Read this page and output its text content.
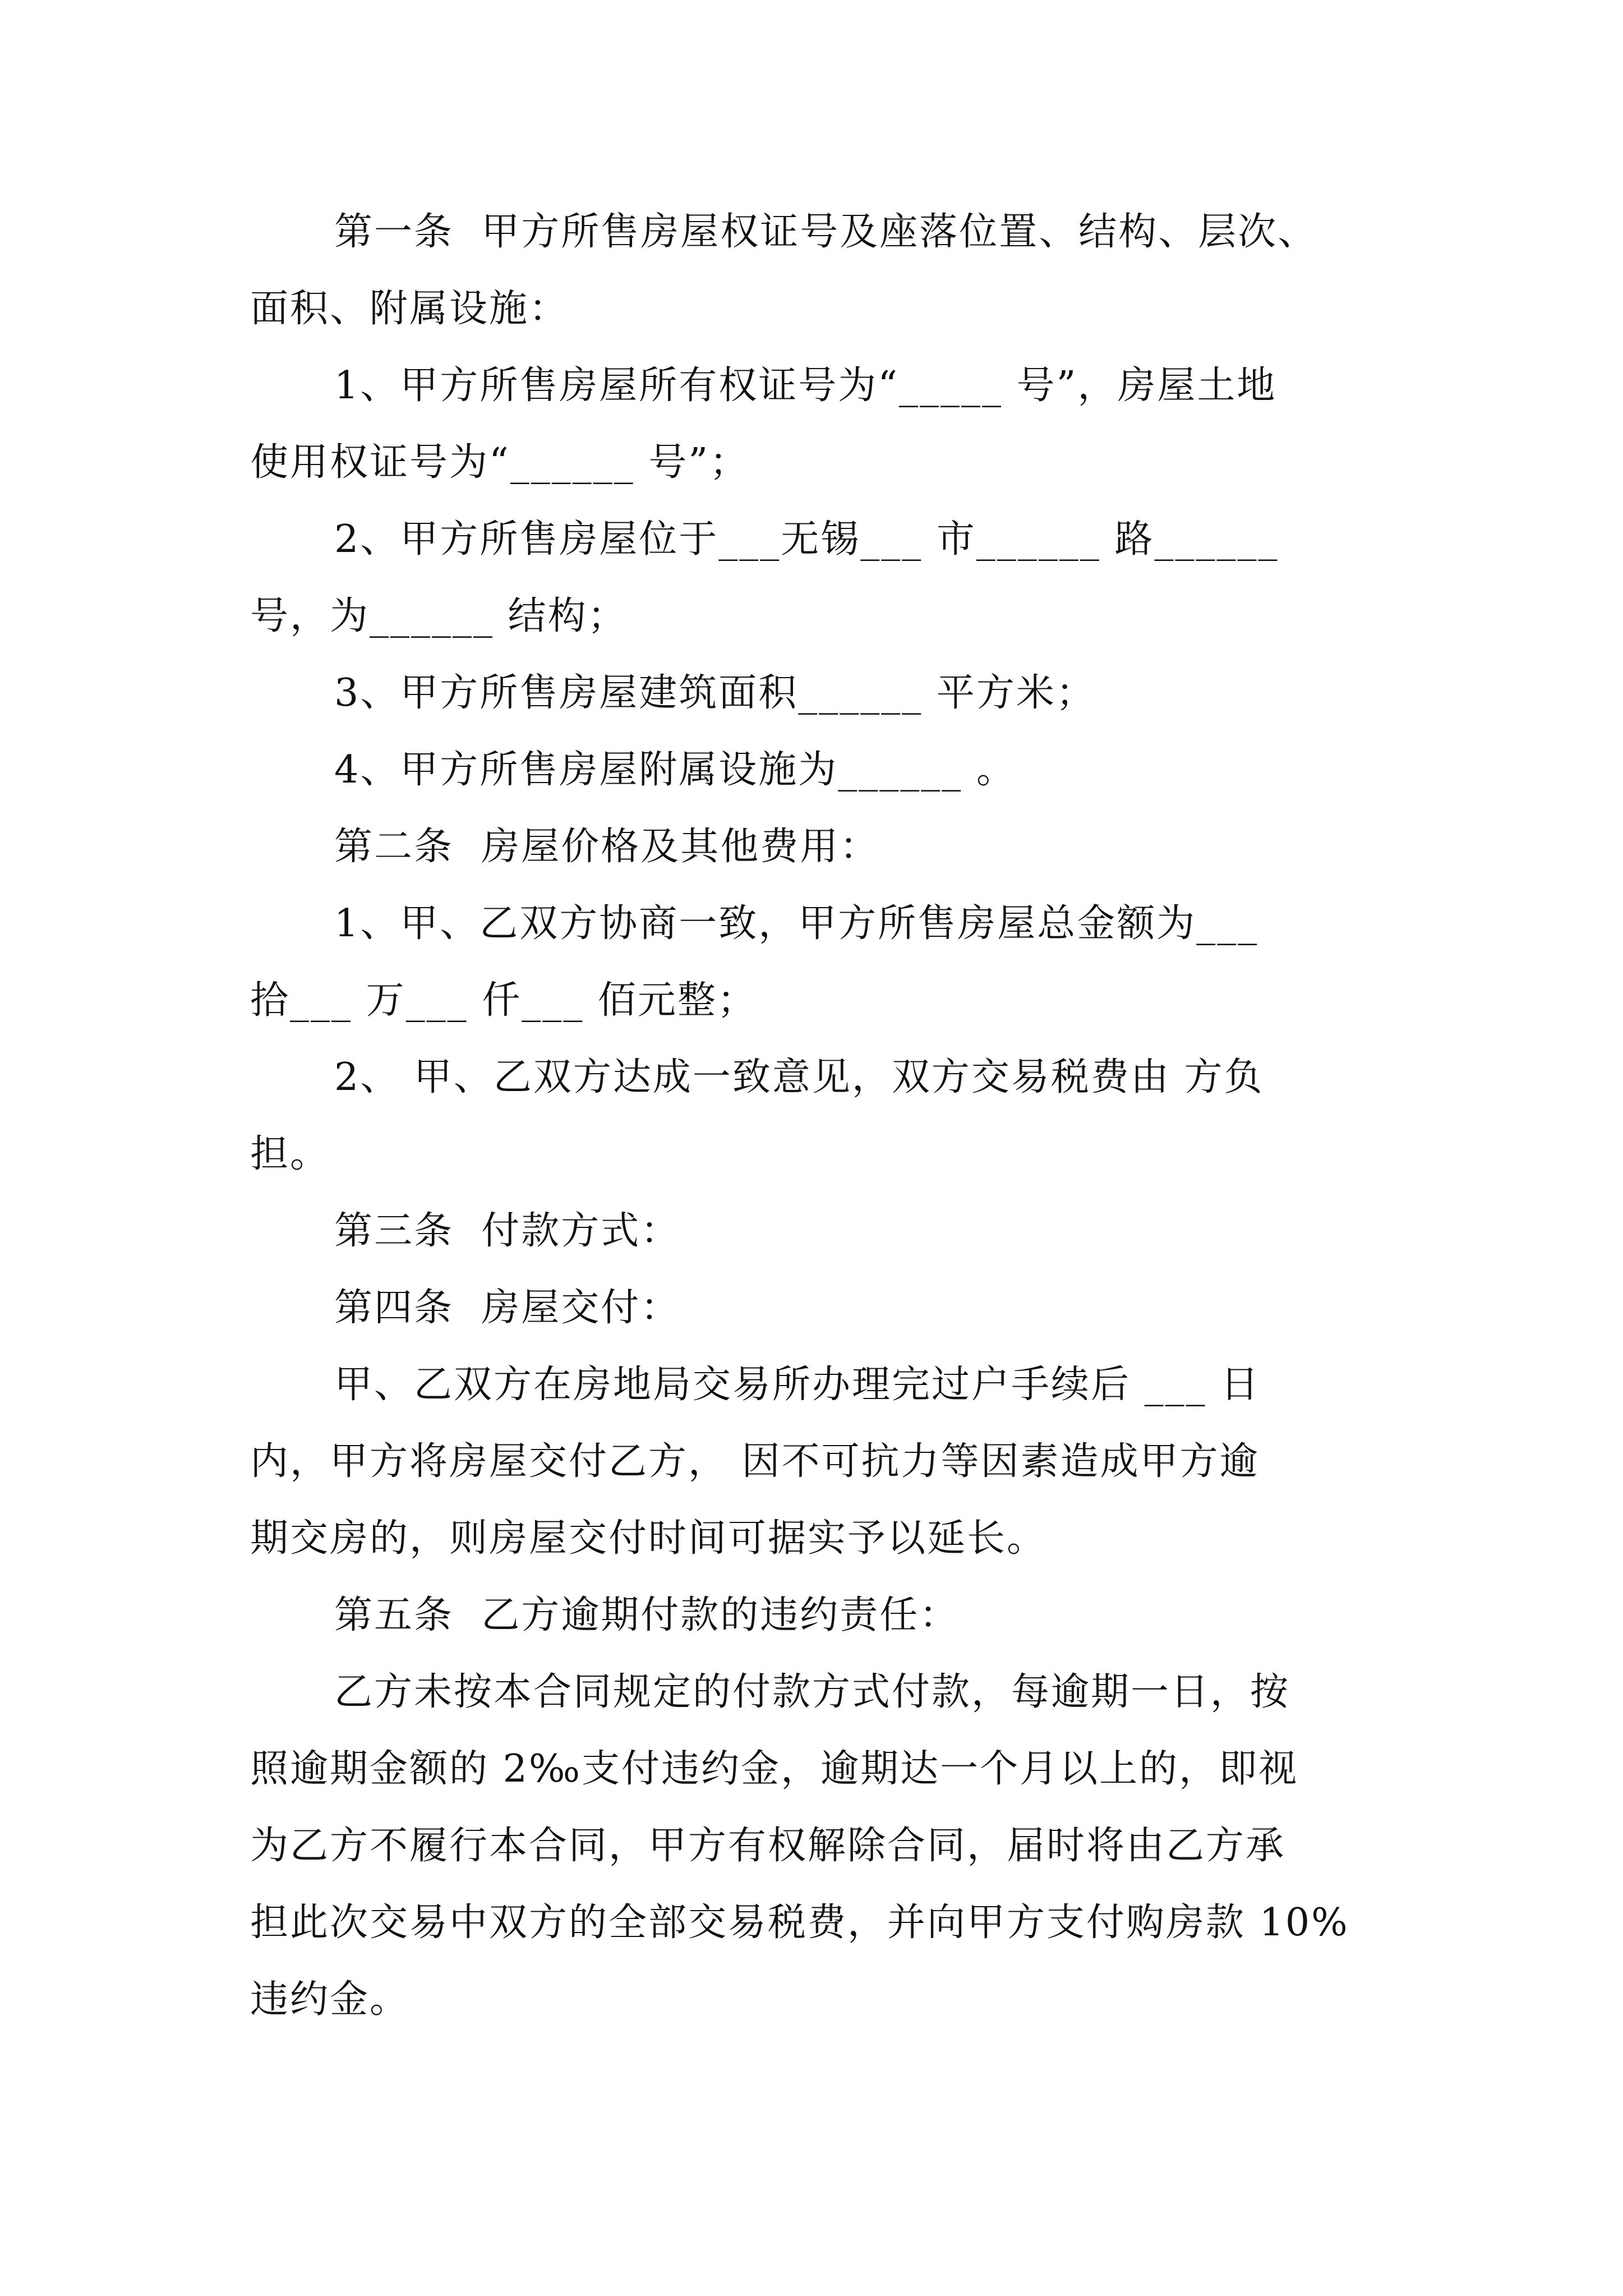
第一条  甲方所售房屋权证号及座落位置、结构、层次、
面积、附属设施：
1、甲方所售房屋所有权证号为“_____ 号”，房屋土地
使用权证号为“______ 号”；
2、甲方所售房屋位于___无锡___ 市______ 路______
号，为______ 结构；
3、甲方所售房屋建筑面积______ 平方米；
4、甲方所售房屋附属设施为______ 。
第二条  房屋价格及其他费用：
1、甲、乙双方协商一致，甲方所售房屋总金额为___
拾___ 万___ 仟___ 佰元整；
2、 甲、乙双方达成一致意见，双方交易税费由 方负
担。
第三条  付款方式：
第四条  房屋交付：
甲、乙双方在房地局交易所办理完过户手续后 ___ 日
内，甲方将房屋交付乙方， 因不可抗力等因素造成甲方逾
期交房的，则房屋交付时间可据实予以延长。
第五条  乙方逾期付款的违约责任：
乙方未按本合同规定的付款方式付款，每逾期一日，按
照逾期金额的 2‰支付违约金，逾期达一个月以上的，即视
为乙方不履行本合同，甲方有权解除合同，届时将由乙方承
担此次交易中双方的全部交易税费，并向甲方支付购房款 10%
违约金。
